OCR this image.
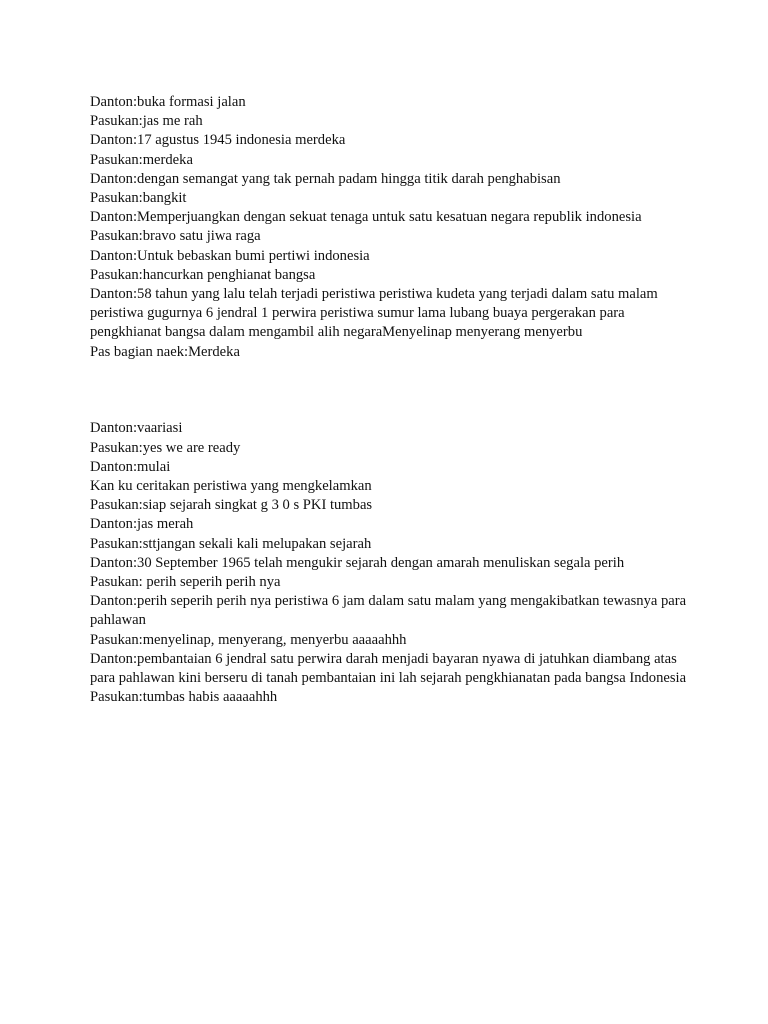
Danton:buka formasi jalan

Pasukan:jas me rah

Danton:17 agustus 1945 indonesia merdeka

Pasukan:merdeka

Danton:dengan semangat yang tak pernah padam hingga titik darah penghabisan

Pasukan:bangkit

Danton:Memperjuangkan dengan sekuat tenaga untuk satu kesatuan negara republik indonesia

Pasukan:bravo satu jiwa raga

Danton:Untuk bebaskan bumi pertiwi indonesia

Pasukan:hancurkan penghianat bangsa

Danton:58 tahun yang lalu telah terjadi peristiwa peristiwa kudeta yang terjadi dalam satu malam peristiwa gugurnya 6 jendral 1 perwira peristiwa sumur lama lubang buaya pergerakan para pengkhianat bangsa dalam mengambil alih negaraMenyelinap menyerang menyerbu

Pas bagian naek:Merdeka

Danton:vaariasi

Pasukan:yes we are ready

Danton:mulai

Kan ku ceritakan peristiwa yang mengkelamkan

Pasukan:siap sejarah singkat g 3 0 s PKI tumbas

Danton:jas merah

Pasukan:sttjangan sekali kali melupakan sejarah

Danton:30 September 1965 telah mengukir sejarah dengan amarah menuliskan segala perih

Pasukan: perih seperih perih nya

Danton:perih seperih perih nya peristiwa 6 jam dalam satu malam yang mengakibatkan tewasnya para pahlawan

Pasukan:menyelinap, menyerang, menyerbu aaaaahhh

Danton:pembantaian 6 jendral satu perwira darah menjadi bayaran nyawa di jatuhkan diambang atas para pahlawan kini berseru di tanah pembantaian ini lah sejarah pengkhianatan pada bangsa Indonesia

Pasukan:tumbas habis aaaaahhh
